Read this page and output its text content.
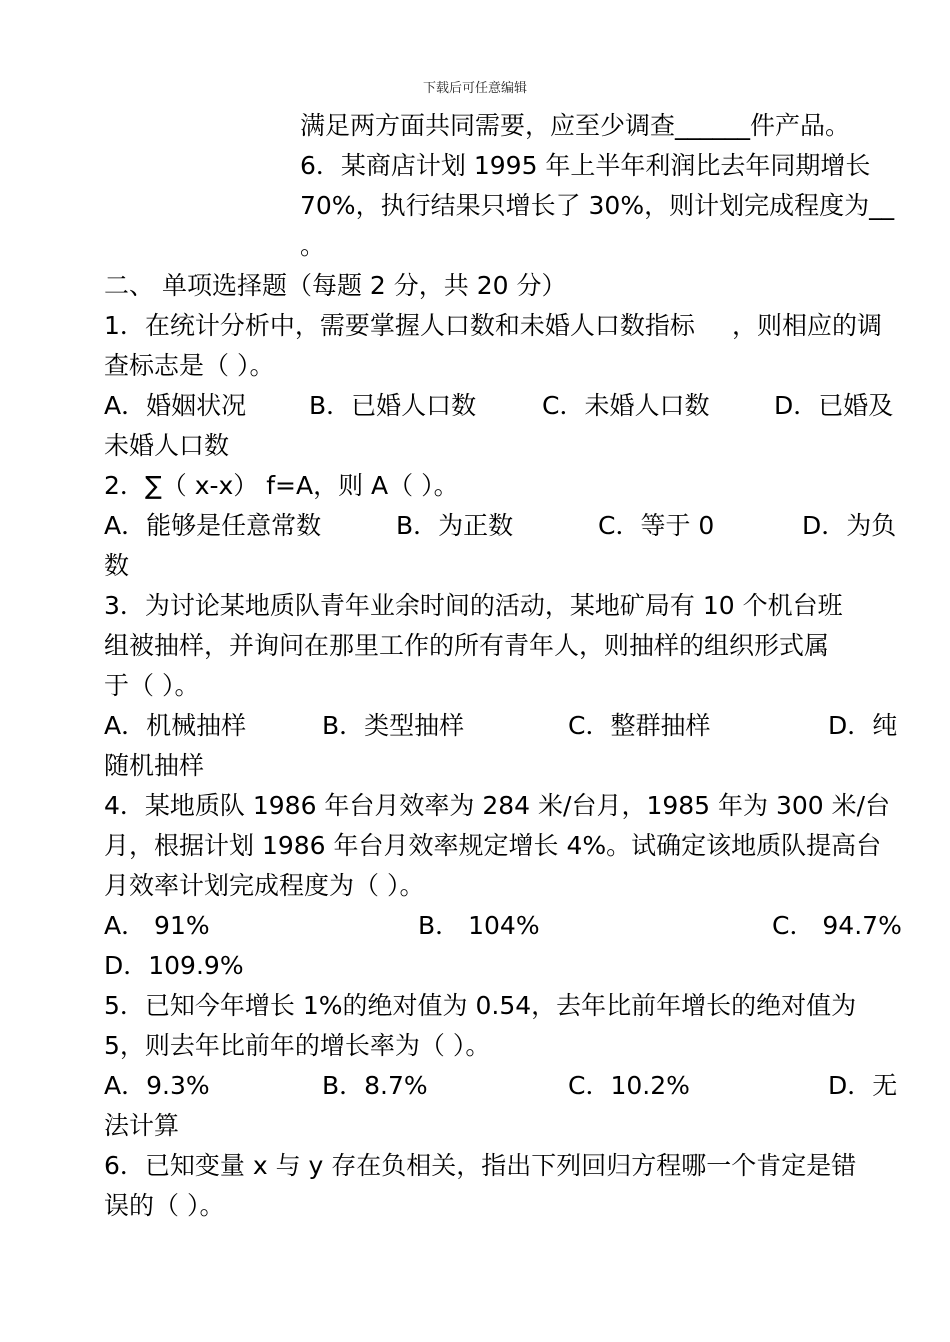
下载后可任意编辑
满足两方面共同需要，应至少调查______件产品。
6．某商店计划 1995 年上半年利润比去年同期增长
70%，执行结果只增长了 30%，则计划完成程度为__
。
二、 单项选择题（每题 2 分，共 20 分）
1．在统计分析中，需要掌握人口数和未婚人口数指标 ，则相应的调
查标志是（ ）。
A．婚姻状况	B．已婚人口数	C．未婚人口数	D．已婚及
未婚人口数
2．∑（ x-x） f=A，则 A（ ）。
A．能够是任意常数	B．为正数	C．等于 0	D．为负
数
3．为讨论某地质队青年业余时间的活动，某地矿局有 10 个机台班
组被抽样，并询问在那里工作的所有青年人，则抽样的组织形式属
于（ ）。
A．机械抽样	B．类型抽样	C．整群抽样	D．纯
随机抽样
4．某地质队 1986 年台月效率为 284 米/台月，1985 年为 300 米/台
月，根据计划 1986 年台月效率规定增长 4%。试确定该地质队提高台
月效率计划完成程度为（ ）。
A． 91%	B． 104%	C． 94.7%
D．109.9%
5．已知今年增长 1%的绝对值为 0.54，去年比前年增长的绝对值为
5，则去年比前年的增长率为（ ）。
A．9.3%	B．8.7%	C．10.2%	D．无
法计算
6．已知变量 x 与 y 存在负相关，指出下列回归方程哪一个肯定是错
误的（ ）。
